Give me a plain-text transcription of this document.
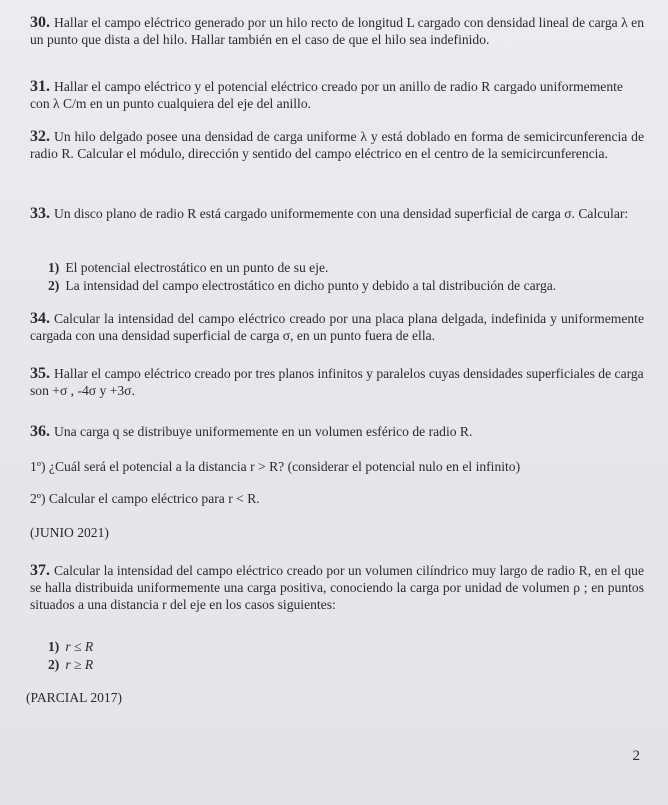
30. Hallar el campo eléctrico generado por un hilo recto de longitud L cargado con densidad lineal de carga λ en un punto que dista a del hilo. Hallar también en el caso de que el hilo sea indefinido.
31. Hallar el campo eléctrico y el potencial eléctrico creado por un anillo de radio R cargado uniformemente con λ C/m en un punto cualquiera del eje del anillo.
32. Un hilo delgado posee una densidad de carga uniforme λ y está doblado en forma de semicircunferencia de radio R. Calcular el módulo, dirección y sentido del campo eléctrico en el centro de la semicircunferencia.
33. Un disco plano de radio R está cargado uniformemente con una densidad superficial de carga σ. Calcular:
1) El potencial electrostático en un punto de su eje.
2) La intensidad del campo electrostático en dicho punto y debido a tal distribución de carga.
34. Calcular la intensidad del campo eléctrico creado por una placa plana delgada, indefinida y uniformemente cargada con una densidad superficial de carga σ, en un punto fuera de ella.
35. Hallar el campo eléctrico creado por tres planos infinitos y paralelos cuyas densidades superficiales de carga son +σ , -4σ y +3σ.
36. Una carga q se distribuye uniformemente en un volumen esférico de radio R.
1º) ¿Cuál será el potencial a la distancia r > R? (considerar el potencial nulo en el infinito)
2º) Calcular el campo eléctrico para r < R.
(JUNIO 2021)
37. Calcular la intensidad del campo eléctrico creado por un volumen cilíndrico muy largo de radio R, en el que se halla distribuida uniformemente una carga positiva, conociendo la carga por unidad de volumen ρ ; en puntos situados a una distancia r del eje en los casos siguientes:
1) r ≤ R
2) r ≥ R
(PARCIAL 2017)
2
